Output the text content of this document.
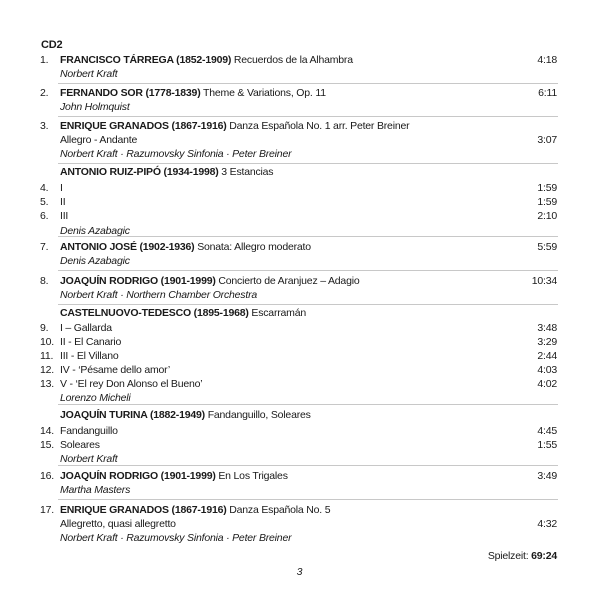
CD2
1. FRANCISCO TÁRREGA (1852-1909) Recuerdos de la Alhambra	4:18
Norbert Kraft
2. FERNANDO SOR (1778-1839) Theme & Variations, Op. 11	6:11
John Holmquist
3. ENRIQUE GRANADOS (1867-1916) Danza Española No. 1 arr. Peter Breiner
Allegro - Andante	3:07
Norbert Kraft · Razumovsky Sinfonia · Peter Breiner
ANTONIO RUIZ-PIPÓ (1934-1998) 3 Estancias
4. I	1:59
5. II	1:59
6. III	2:10
Denis Azabagic
7. ANTONIO JOSÉ (1902-1936) Sonata: Allegro moderato	5:59
Denis Azabagic
8. JOAQUÍN RODRIGO (1901-1999) Concierto de Aranjuez – Adagio	10:34
Norbert Kraft · Northern Chamber Orchestra
CASTELNUOVO-TEDESCO (1895-1968) Escarramán
9. I – Gallarda	3:48
10. II - El Canario	3:29
11. III - El Villano	2:44
12. IV - ‘Pésame dello amor’	4:03
13. V - ‘El rey Don Alonso el Bueno’	4:02
Lorenzo Micheli
JOAQUÍN TURINA (1882-1949) Fandanguillo, Soleares
14. Fandanguillo	4:45
15. Soleares	1:55
Norbert Kraft
16. JOAQUÍN RODRIGO (1901-1999) En Los Trigales	3:49
Martha Masters
17. ENRIQUE GRANADOS (1867-1916) Danza Española No. 5
Allegretto, quasi allegretto	4:32
Norbert Kraft · Razumovsky Sinfonia · Peter Breiner
Spielzeit: 69:24
3
